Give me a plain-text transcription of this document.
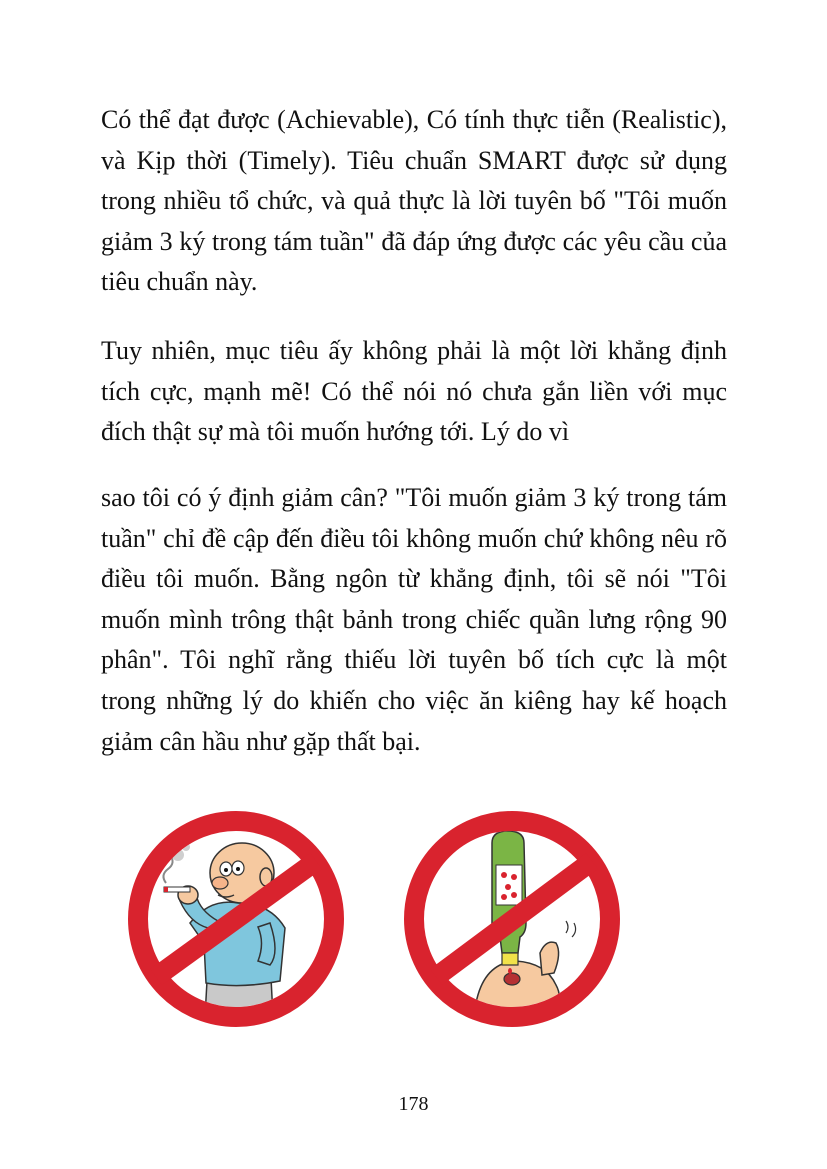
Có thể đạt được (Achievable), Có tính thực tiễn (Realistic), và Kịp thời (Timely). Tiêu chuẩn SMART được sử dụng trong nhiều tổ chức, và quả thực là lời tuyên bố "Tôi muốn giảm 3 ký trong tám tuần" đã đáp ứng được các yêu cầu của tiêu chuẩn này.

Tuy nhiên, mục tiêu ấy không phải là một lời khẳng định tích cực, mạnh mẽ! Có thể nói nó chưa gắn liền với mục đích thật sự mà tôi muốn hướng tới. Lý do vì

sao tôi có ý định giảm cân? "Tôi muốn giảm 3 ký trong tám tuần" chỉ đề cập đến điều tôi không muốn chứ không nêu rõ điều tôi muốn. Bằng ngôn từ khẳng định, tôi sẽ nói "Tôi muốn mình trông thật bảnh trong chiếc quần lưng rộng 90 phân". Tôi nghĩ rằng thiếu lời tuyên bố tích cực là một trong những lý do khiến cho việc ăn kiêng hay kế hoạch giảm cân hầu như gặp thất bại.

178
